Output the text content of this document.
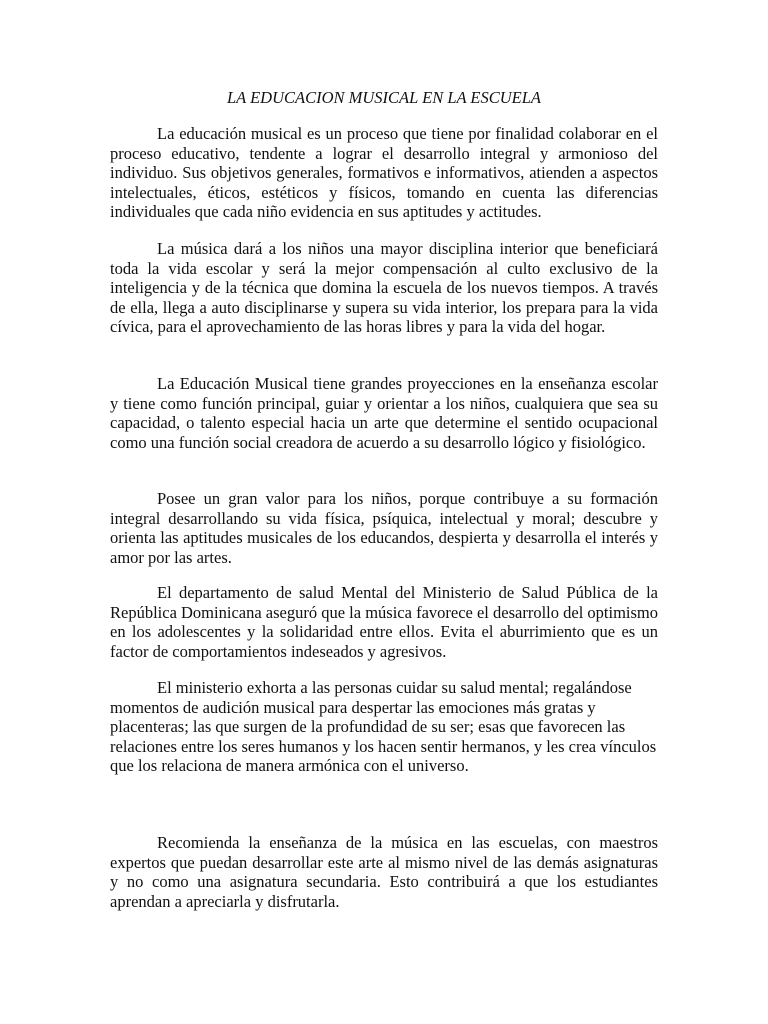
LA EDUCACION MUSICAL EN LA ESCUELA

La educación musical es un proceso que tiene por finalidad colaborar en el proceso educativo, tendente a lograr el desarrollo integral y armonioso del individuo. Sus objetivos generales, formativos e informativos, atienden a aspectos intelectuales, éticos, estéticos y físicos, tomando en cuenta las diferencias individuales que cada niño evidencia en sus aptitudes y actitudes.

La música dará a los niños una mayor disciplina interior que beneficiará toda la vida escolar y será la mejor compensación al culto exclusivo de la inteligencia y de la técnica que domina la escuela de los nuevos tiempos. A través de ella, llega a auto disciplinarse y supera su vida interior, los prepara para la vida cívica, para el aprovechamiento de las horas libres y para la vida del hogar.

La Educación Musical tiene grandes proyecciones en la enseñanza escolar y tiene como función principal, guiar y orientar a los niños, cualquiera que sea su capacidad, o talento especial hacia un arte que determine el sentido ocupacional como una función social creadora de acuerdo a su desarrollo lógico y fisiológico.

Posee un gran valor para los niños, porque contribuye a su formación integral desarrollando su vida física, psíquica, intelectual y moral; descubre y orienta las aptitudes musicales de los educandos, despierta y desarrolla el interés y amor por las artes.

El departamento de salud Mental del Ministerio de Salud Pública de la República Dominicana aseguró que la música favorece el desarrollo del optimismo en los adolescentes y la solidaridad entre ellos. Evita el aburrimiento que es un factor de comportamientos indeseados y agresivos.

El ministerio exhorta a las personas cuidar su salud mental; regalándose momentos de audición musical para despertar las emociones más gratas y placenteras; las que surgen de la profundidad de su ser; esas que favorecen las relaciones entre los seres humanos y los hacen sentir hermanos, y les crea vínculos que los relaciona de manera armónica con el universo.

Recomienda la enseñanza de la música en las escuelas, con maestros expertos que puedan desarrollar este arte al mismo nivel de las demás asignaturas y no como una asignatura secundaria. Esto contribuirá a que los estudiantes aprendan a apreciarla y disfrutarla.
